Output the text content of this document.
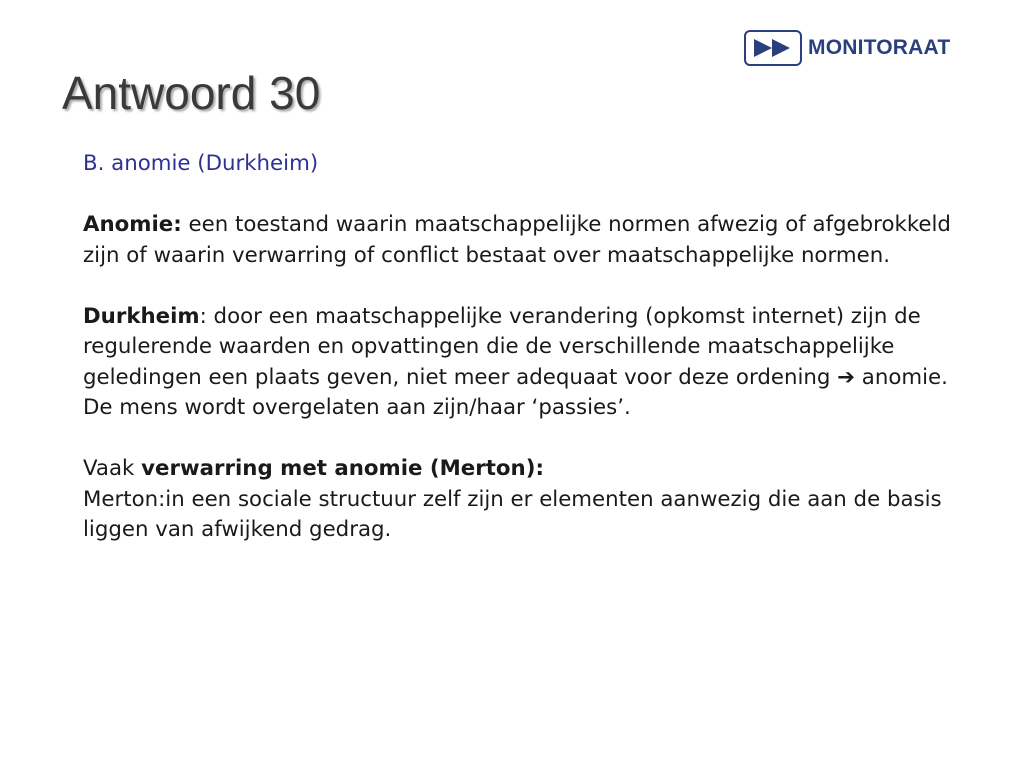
MONITORAAT
Antwoord 30

B. anomie (Durkheim)

Anomie: een toestand waarin maatschappelijke normen afwezig of afgebrokkeld zijn of waarin verwarring of conflict bestaat over maatschappelijke normen.

Durkheim: door een maatschappelijke verandering (opkomst internet) zijn de regulerende waarden en opvattingen die de verschillende maatschappelijke geledingen een plaats geven, niet meer adequaat voor deze ordening ➔ anomie. De mens wordt overgelaten aan zijn/haar ‘passies’.

Vaak verwarring met anomie (Merton):

Merton:in een sociale structuur zelf zijn er elementen aanwezig die aan de basis liggen van afwijkend gedrag.
